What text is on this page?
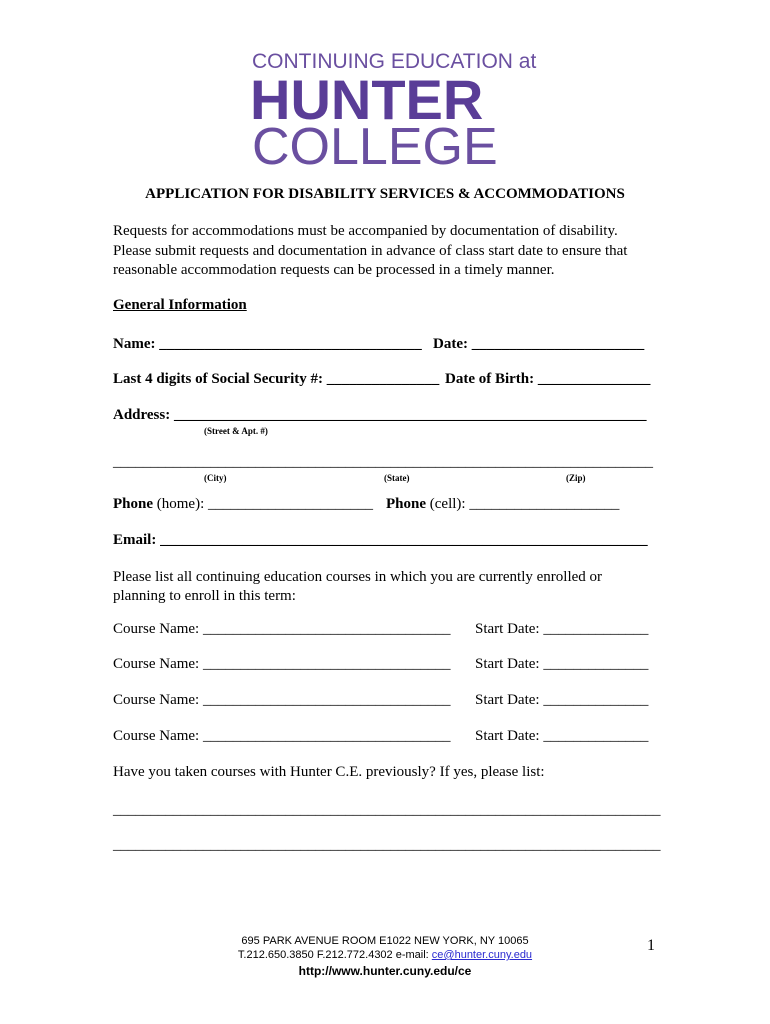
CONTINUING EDUCATION at
HUNTER
COLLEGE
APPLICATION FOR DISABILITY SERVICES & ACCOMMODATIONS
Requests for accommodations must be accompanied by documentation of disability.
Please submit requests and documentation in advance of class start date to ensure that
reasonable accommodation requests can be processed in a timely manner.
General Information
Name: ___________________________________ Date: _______________________
Last 4 digits of Social Security #: _______________ Date of Birth: _______________
Address: _______________________________________________________________
(Street & Apt. #)
________________________________________________________________________
(City)	(State)	(Zip)
Phone (home): ______________________ Phone (cell): ____________________
Email: _________________________________________________________________
Please list all continuing education courses in which you are currently enrolled or
planning to enroll in this term:
Course Name: _________________________________ Start Date: ______________
Course Name: _________________________________ Start Date: ______________
Course Name: _________________________________ Start Date: ______________
Course Name: _________________________________ Start Date: ______________
Have you taken courses with Hunter C.E. previously? If yes, please list:
_________________________________________________________________________
_________________________________________________________________________
695 PARK AVENUE ROOM E1022 NEW YORK, NY 10065
T.212.650.3850 F.212.772.4302 e-mail: ce@hunter.cuny.edu
http://www.hunter.cuny.edu/ce
1
